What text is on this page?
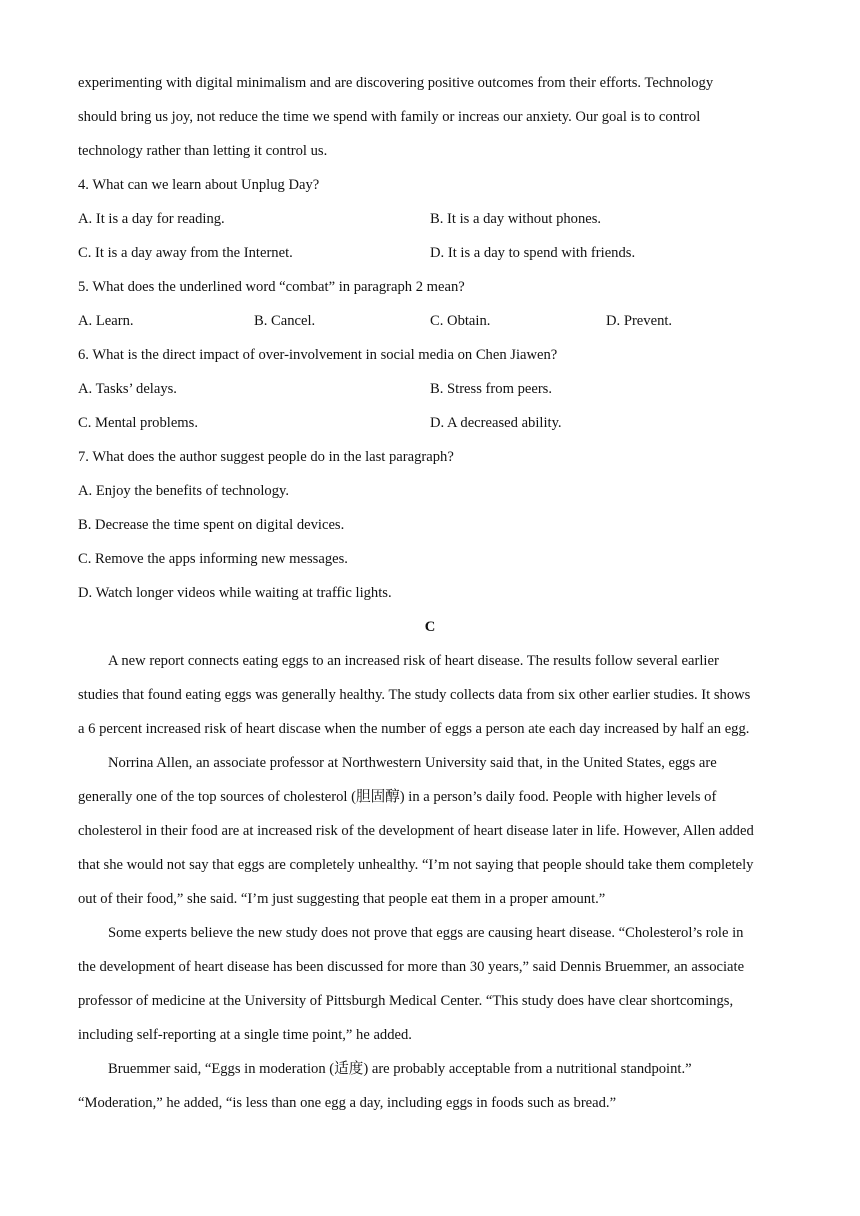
experimenting with digital minimalism and are discovering positive outcomes from their efforts. Technology
should bring us joy, not reduce the time we spend with family or increas our anxiety. Our goal is to control
technology rather than letting it control us.
4. What can we learn about Unplug Day?
A. It is a day for reading.	B. It is a day without phones.
C. It is a day away from the Internet.	D. It is a day to spend with friends.
5. What does the underlined word “combat” in paragraph 2 mean?
A. Learn.	B. Cancel.	C. Obtain.	D. Prevent.
6. What is the direct impact of over-involvement in social media on Chen Jiawen?
A. Tasks’ delays.	B. Stress from peers.
C. Mental problems.	D. A decreased ability.
7. What does the author suggest people do in the last paragraph?
A. Enjoy the benefits of technology.
B. Decrease the time spent on digital devices.
C. Remove the apps informing new messages.
D. Watch longer videos while waiting at traffic lights.
C
A new report connects eating eggs to an increased risk of heart disease. The results follow several earlier
studies that found eating eggs was generally healthy. The study collects data from six other earlier studies. It shows
a 6 percent increased risk of heart discase when the number of eggs a person ate each day increased by half an egg.
Norrina Allen, an associate professor at Northwestern University said that, in the United States, eggs are
generally one of the top sources of cholesterol (胆固醇) in a person’s daily food. People with higher levels of
cholesterol in their food are at increased risk of the development of heart disease later in life. However, Allen added
that she would not say that eggs are completely unhealthy. “I’m not saying that people should take them completely
out of their food,” she said. “I’m just suggesting that people eat them in a proper amount.”
Some experts believe the new study does not prove that eggs are causing heart disease. “Cholesterol’s role in
the development of heart disease has been discussed for more than 30 years,” said Dennis Bruemmer, an associate
professor of medicine at the University of Pittsburgh Medical Center. “This study does have clear shortcomings,
including self-reporting at a single time point,” he added.
Bruemmer said, “Eggs in moderation (适度) are probably acceptable from a nutritional standpoint.”
“Moderation,” he added, “is less than one egg a day, including eggs in foods such as bread.”
